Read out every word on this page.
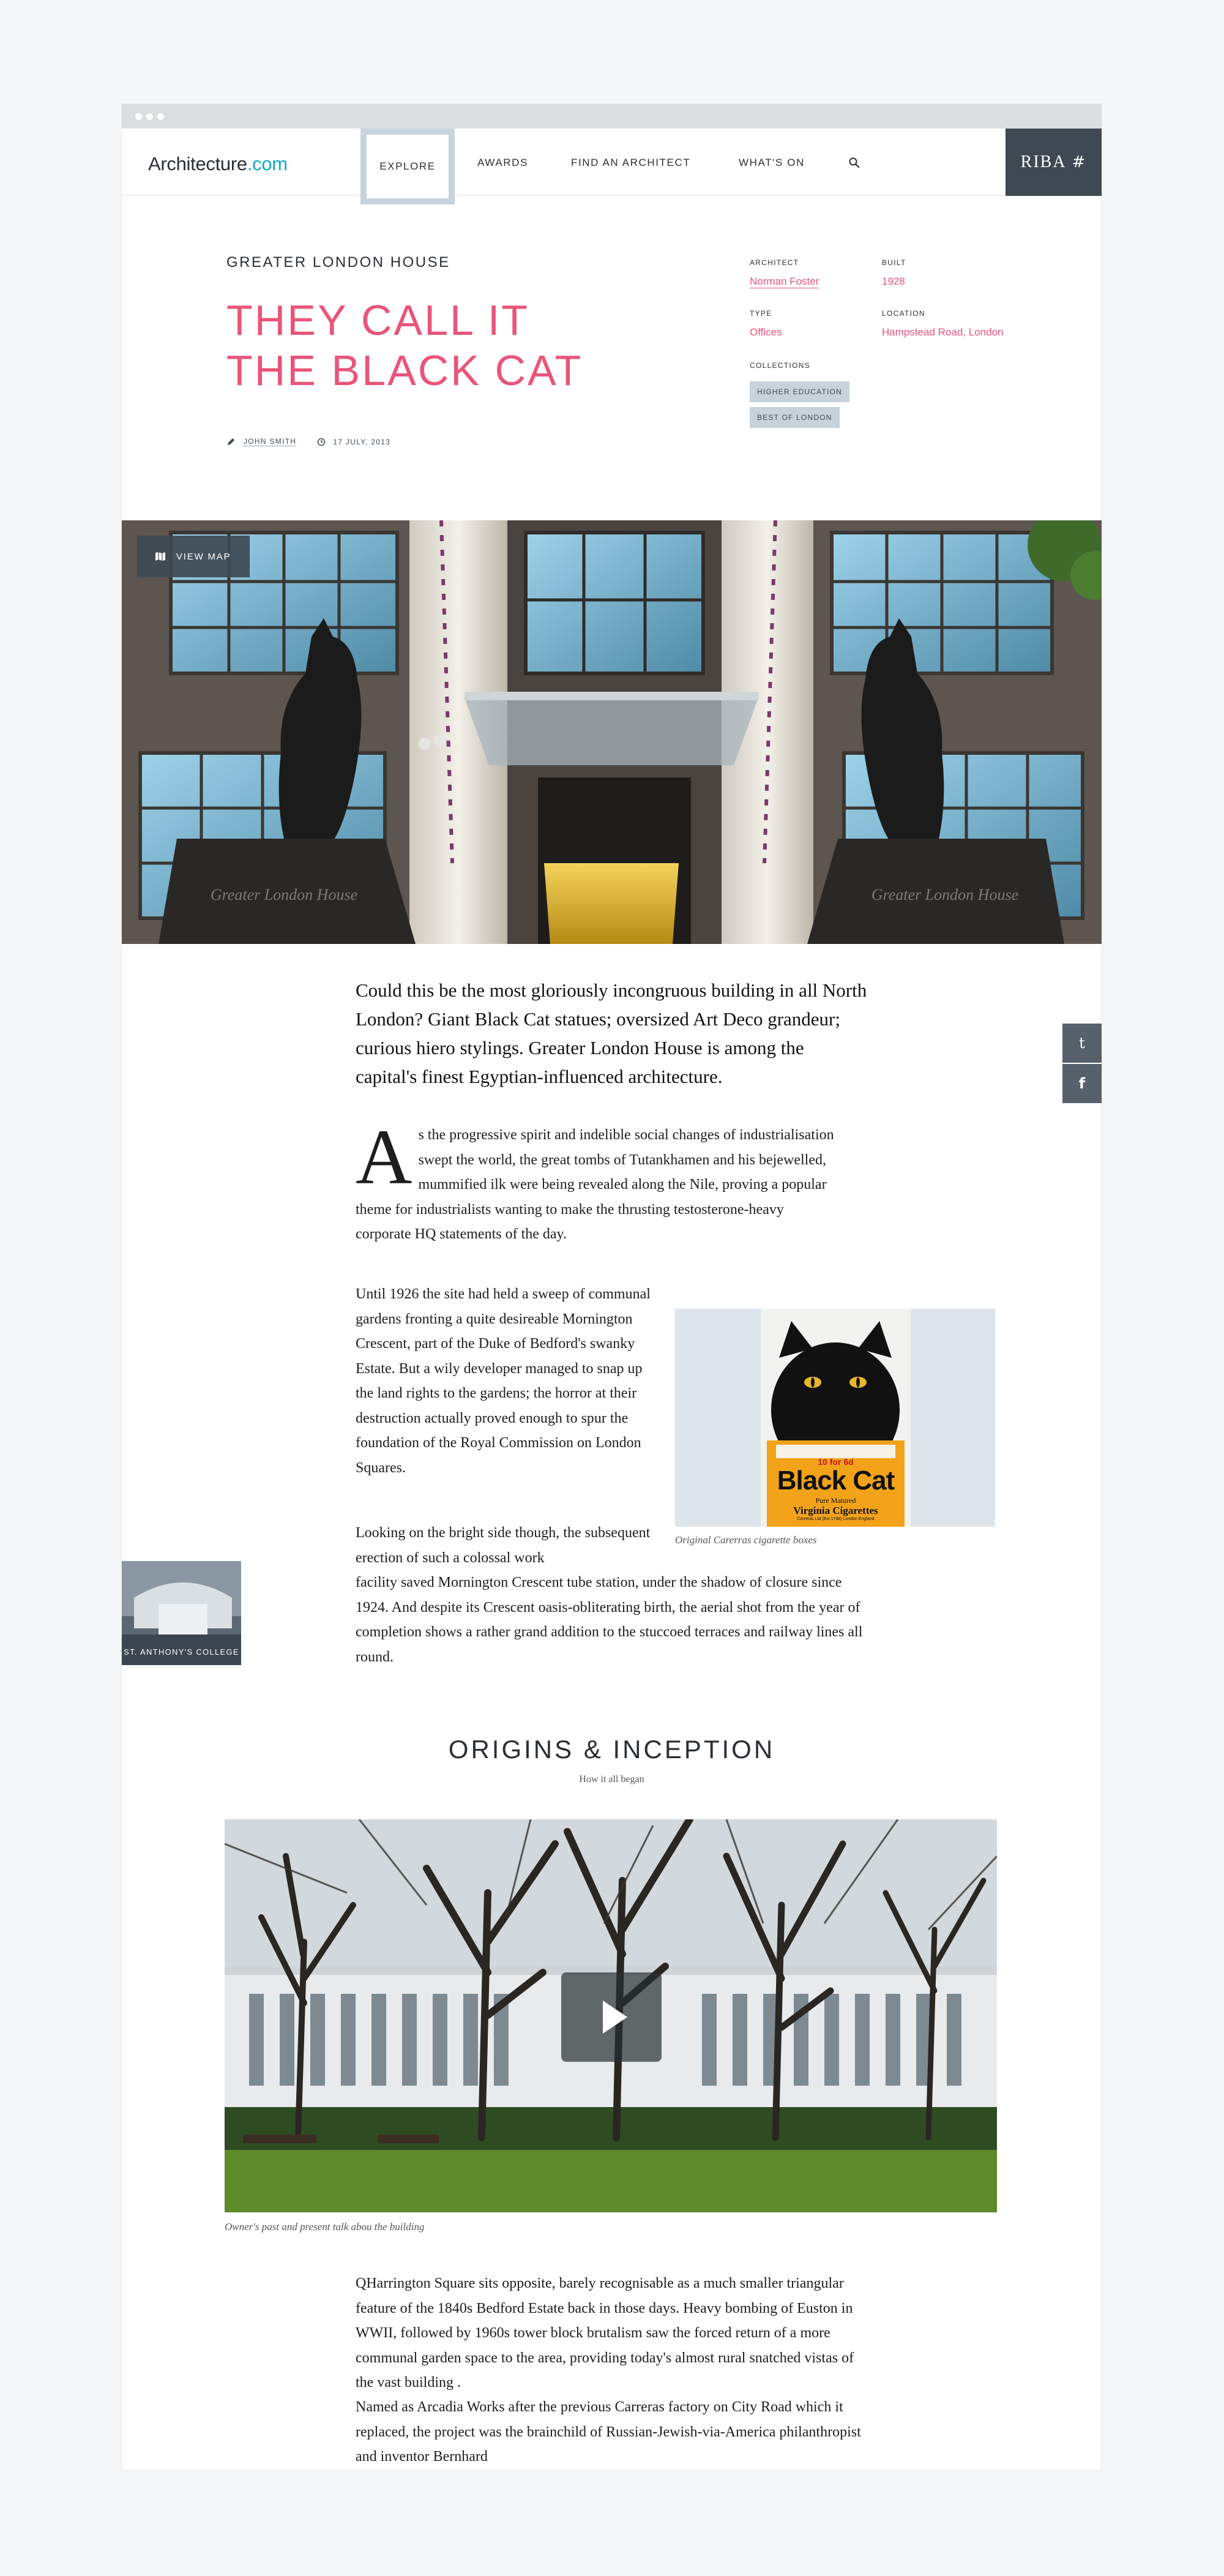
Architecture.com	EXPLORE	AWARDS	FIND AN ARCHITECT	WHAT'S ON	RIBA
#
GREATER LONDON HOUSE
THEY CALL IT
THE BLACK CAT
JOHN SMITH	17 JULY, 2013
ARCHITECT
Norman Foster
BUILT
1928
TYPE
Offices
LOCATION
Hampstead Road, London
COLLECTIONS
HIGHER EDUCATION
BEST OF LONDON
Greater London House	Greater London House
VIEW MAP
t
f

Could this be the most gloriously incongruous building in all North London? Giant Black Cat statues; oversized Art Deco grandeur; curious hiero stylings. Greater London House is among the capital's finest Egyptian-influenced architecture.

As the progressive spirit and indelible social changes of industrialisation swept the world, the great tombs of Tutankhamen and his bejewelled, mummified ilk were being revealed along the Nile, proving a popular theme for industrialists wanting to make the thrusting testosterone-heavy corporate HQ statements of the day.
Until 1926 the site had held a sweep of communal gardens fronting a quite desireable Mornington Crescent, part of the Duke of Bedford's swanky Estate. But a wily developer managed to snap up the land rights to the gardens; the horror at their destruction actually proved enough to spur the foundation of the Royal Commission on London Squares.	10 for 6d
Black Cat
Pure Matured
Virginia Cigarettes
Carreras Ltd (Est 1788) London England
Original Carerras cigarette boxes
Looking on the bright side though, the subsequent erection of such a colossal work
facility saved Mornington Crescent tube station, under the shadow of closure since 1924. And despite its Crescent oasis-obliterating birth, the aerial shot from the year of completion shows a rather grand addition to the stuccoed terraces and railway lines all round.
ST. ANTHONY'S COLLEGE
ORIGINS & INCEPTION
How it all began
Owner's past and present talk abou the building
QHarrington Square sits opposite, barely recognisable as a much smaller triangular feature of the 1840s Bedford Estate back in those days. Heavy bombing of Euston in WWII, followed by 1960s tower block brutalism saw the forced return of a more communal garden space to the area, providing today's almost rural snatched vistas of the vast building .
Named as Arcadia Works after the previous Carreras factory on City Road which it replaced, the project was the brainchild of Russian-Jewish-via-America philanthropist and inventor Bernhard
